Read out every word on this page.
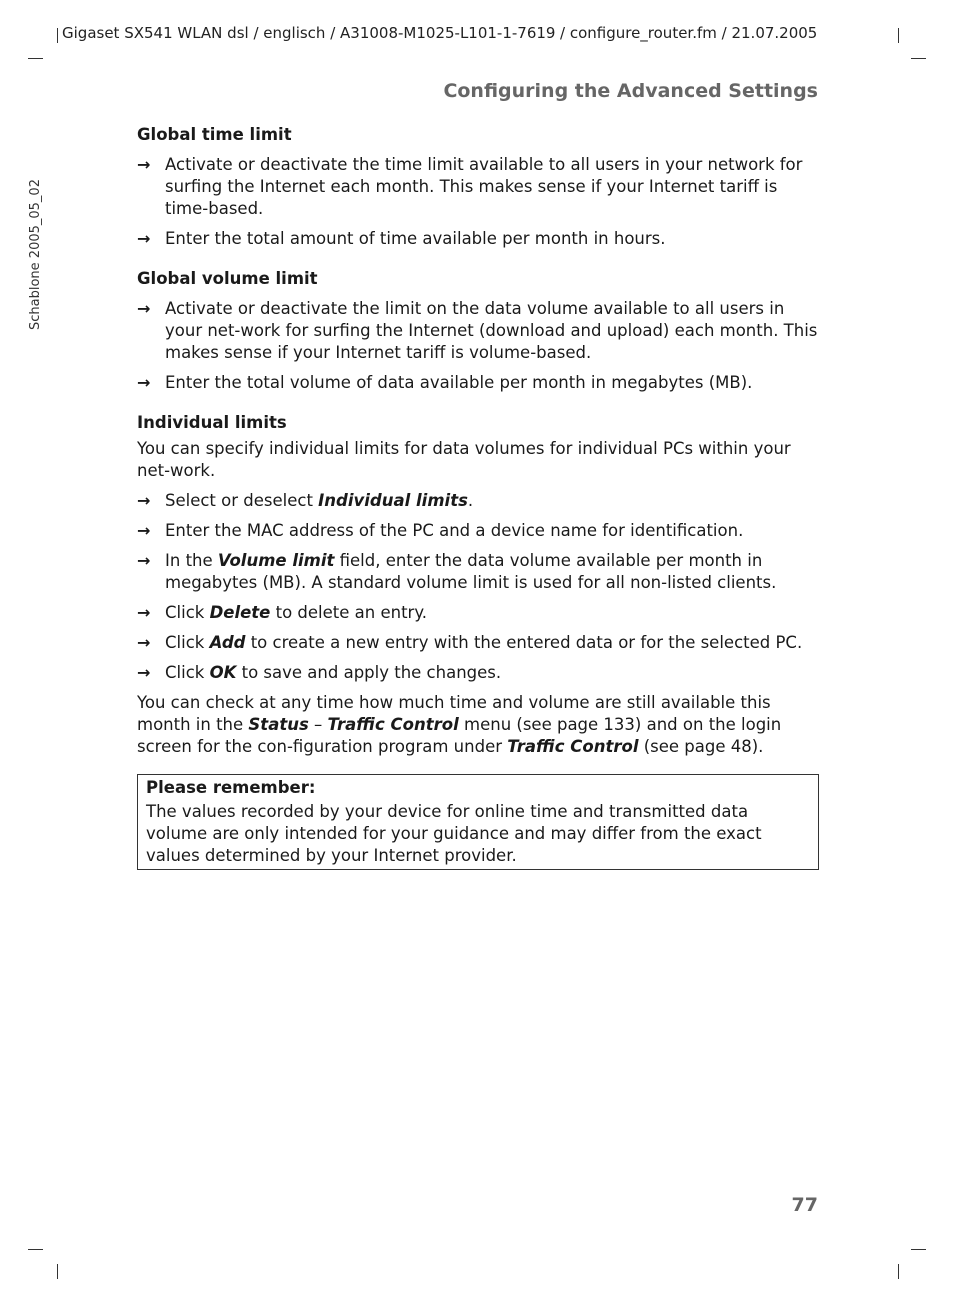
Gigaset SX541 WLAN dsl / englisch / A31008-M1025-L101-1-7619 / configure_router.fm / 21.07.2005
Schablone 2005_05_02
Configuring the Advanced Settings
Global time limit
→	Activate or deactivate the time limit available to all users in your network for surfing the Internet each month. This makes sense if your Internet tariff is time-based.
→	Enter the total amount of time available per month in hours.
Global volume limit
→	Activate or deactivate the limit on the data volume available to all users in your net-work for surfing the Internet (download and upload) each month. This makes sense if your Internet tariff is volume-based.
→	Enter the total volume of data available per month in megabytes (MB).
Individual limits

You can specify individual limits for data volumes for individual PCs within your net-work.

→	Select or deselect Individual limits.
→	Enter the MAC address of the PC and a device name for identification.
→	In the Volume limit field, enter the data volume available per month in megabytes (MB). A standard volume limit is used for all non-listed clients.
→	Click Delete to delete an entry.
→	Click Add to create a new entry with the entered data or for the selected PC.
→	Click OK to save and apply the changes.

You can check at any time how much time and volume are still available this month in the Status – Traffic Control menu (see page 133) and on the login screen for the con-figuration program under Traffic Control (see page 48).

Please remember:
The values recorded by your device for online time and transmitted data volume are only intended for your guidance and may differ from the exact values determined by your Internet provider.
77
